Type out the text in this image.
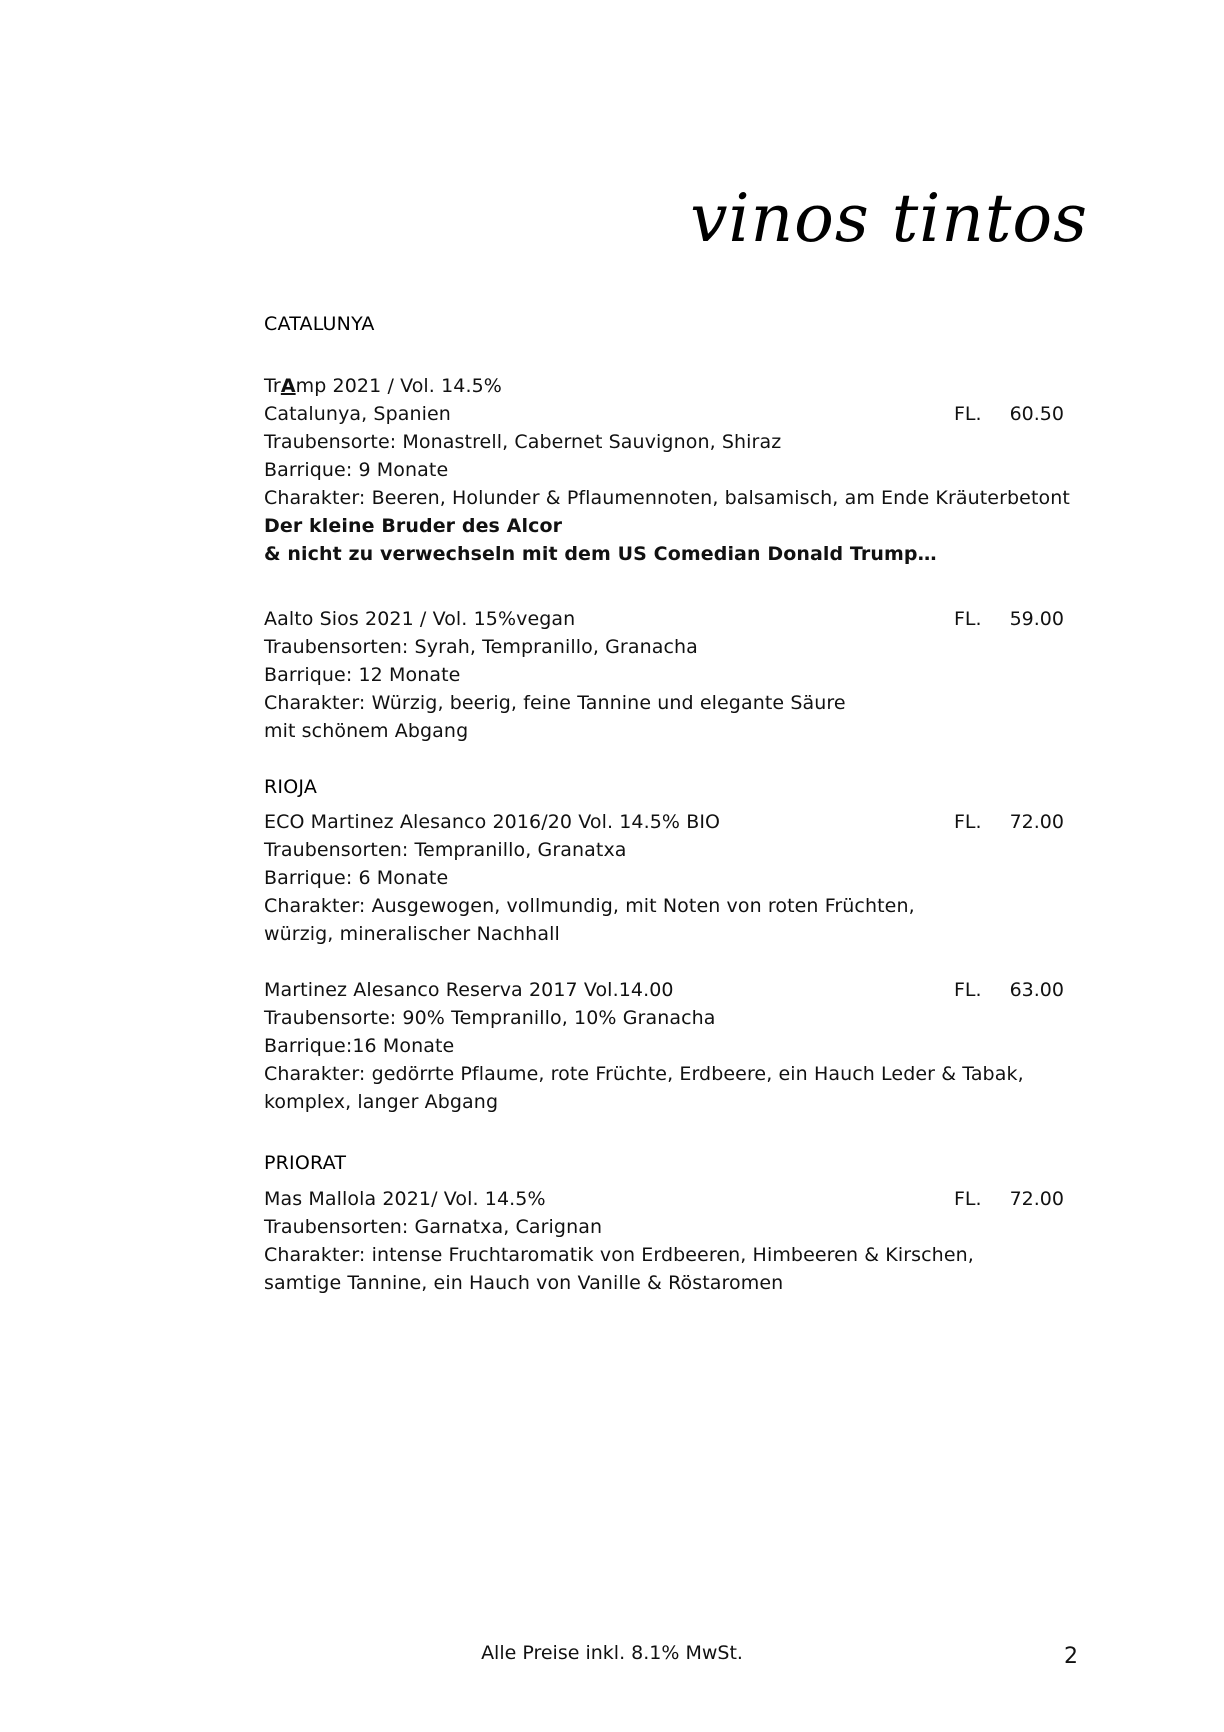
vinos tintos
CATALUNYA
TrAmp 2021 / Vol. 14.5%
Catalunya, Spanien	FL.	60.50
Traubensorte: Monastrell, Cabernet Sauvignon, Shiraz
Barrique: 9 Monate
Charakter: Beeren, Holunder & Pflaumennoten, balsamisch, am Ende Kräuterbetont
Der kleine Bruder des Alcor
& nicht zu verwechseln mit dem US Comedian Donald Trump…
Aalto Sios 2021 / Vol. 15%vegan	FL.	59.00
Traubensorten: Syrah, Tempranillo, Granacha
Barrique: 12 Monate
Charakter: Würzig, beerig, feine Tannine und elegante Säure
mit schönem Abgang
RIOJA
ECO Martinez Alesanco 2016/20 Vol. 14.5% BIO	FL.	72.00
Traubensorten: Tempranillo, Granatxa
Barrique: 6 Monate
Charakter: Ausgewogen, vollmundig, mit Noten von roten Früchten,
würzig, mineralischer Nachhall
Martinez Alesanco Reserva 2017 Vol.14.00	FL.	63.00
Traubensorte: 90% Tempranillo, 10% Granacha
Barrique:16 Monate
Charakter: gedörrte Pflaume, rote Früchte, Erdbeere, ein Hauch Leder & Tabak,
komplex, langer Abgang
PRIORAT
Mas Mallola 2021/ Vol. 14.5%	FL.	72.00
Traubensorten: Garnatxa, Carignan
Charakter: intense Fruchtaromatik von Erdbeeren, Himbeeren & Kirschen,
samtige Tannine, ein Hauch von Vanille & Röstaromen
Alle Preise inkl. 8.1% MwSt.	2
